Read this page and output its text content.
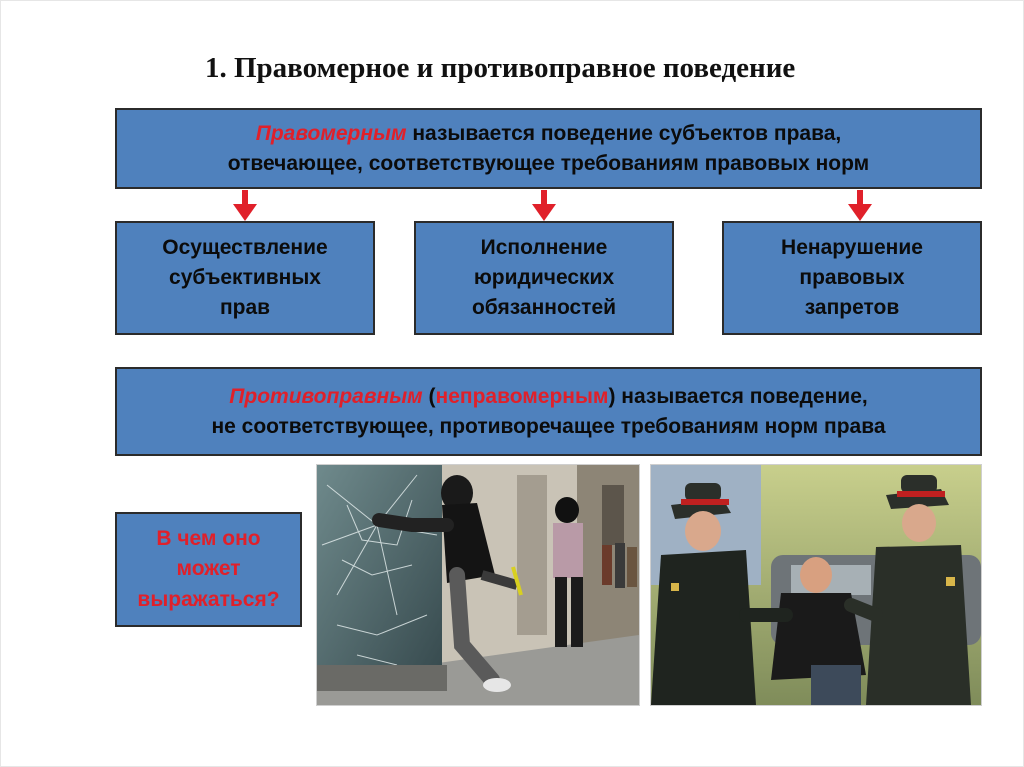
1. Правомерное и противоправное поведение
Правомерным называется поведение субъектов права,
отвечающее, соответствующее требованиям правовых норм
Осуществление
субъективных
прав
Исполнение
юридических
обязанностей
Ненарушение
правовых
запретов
Противоправным (неправомерным) называется поведение,
не соответствующее, противоречащее требованиям норм права
В чем оно
может
выражаться?
